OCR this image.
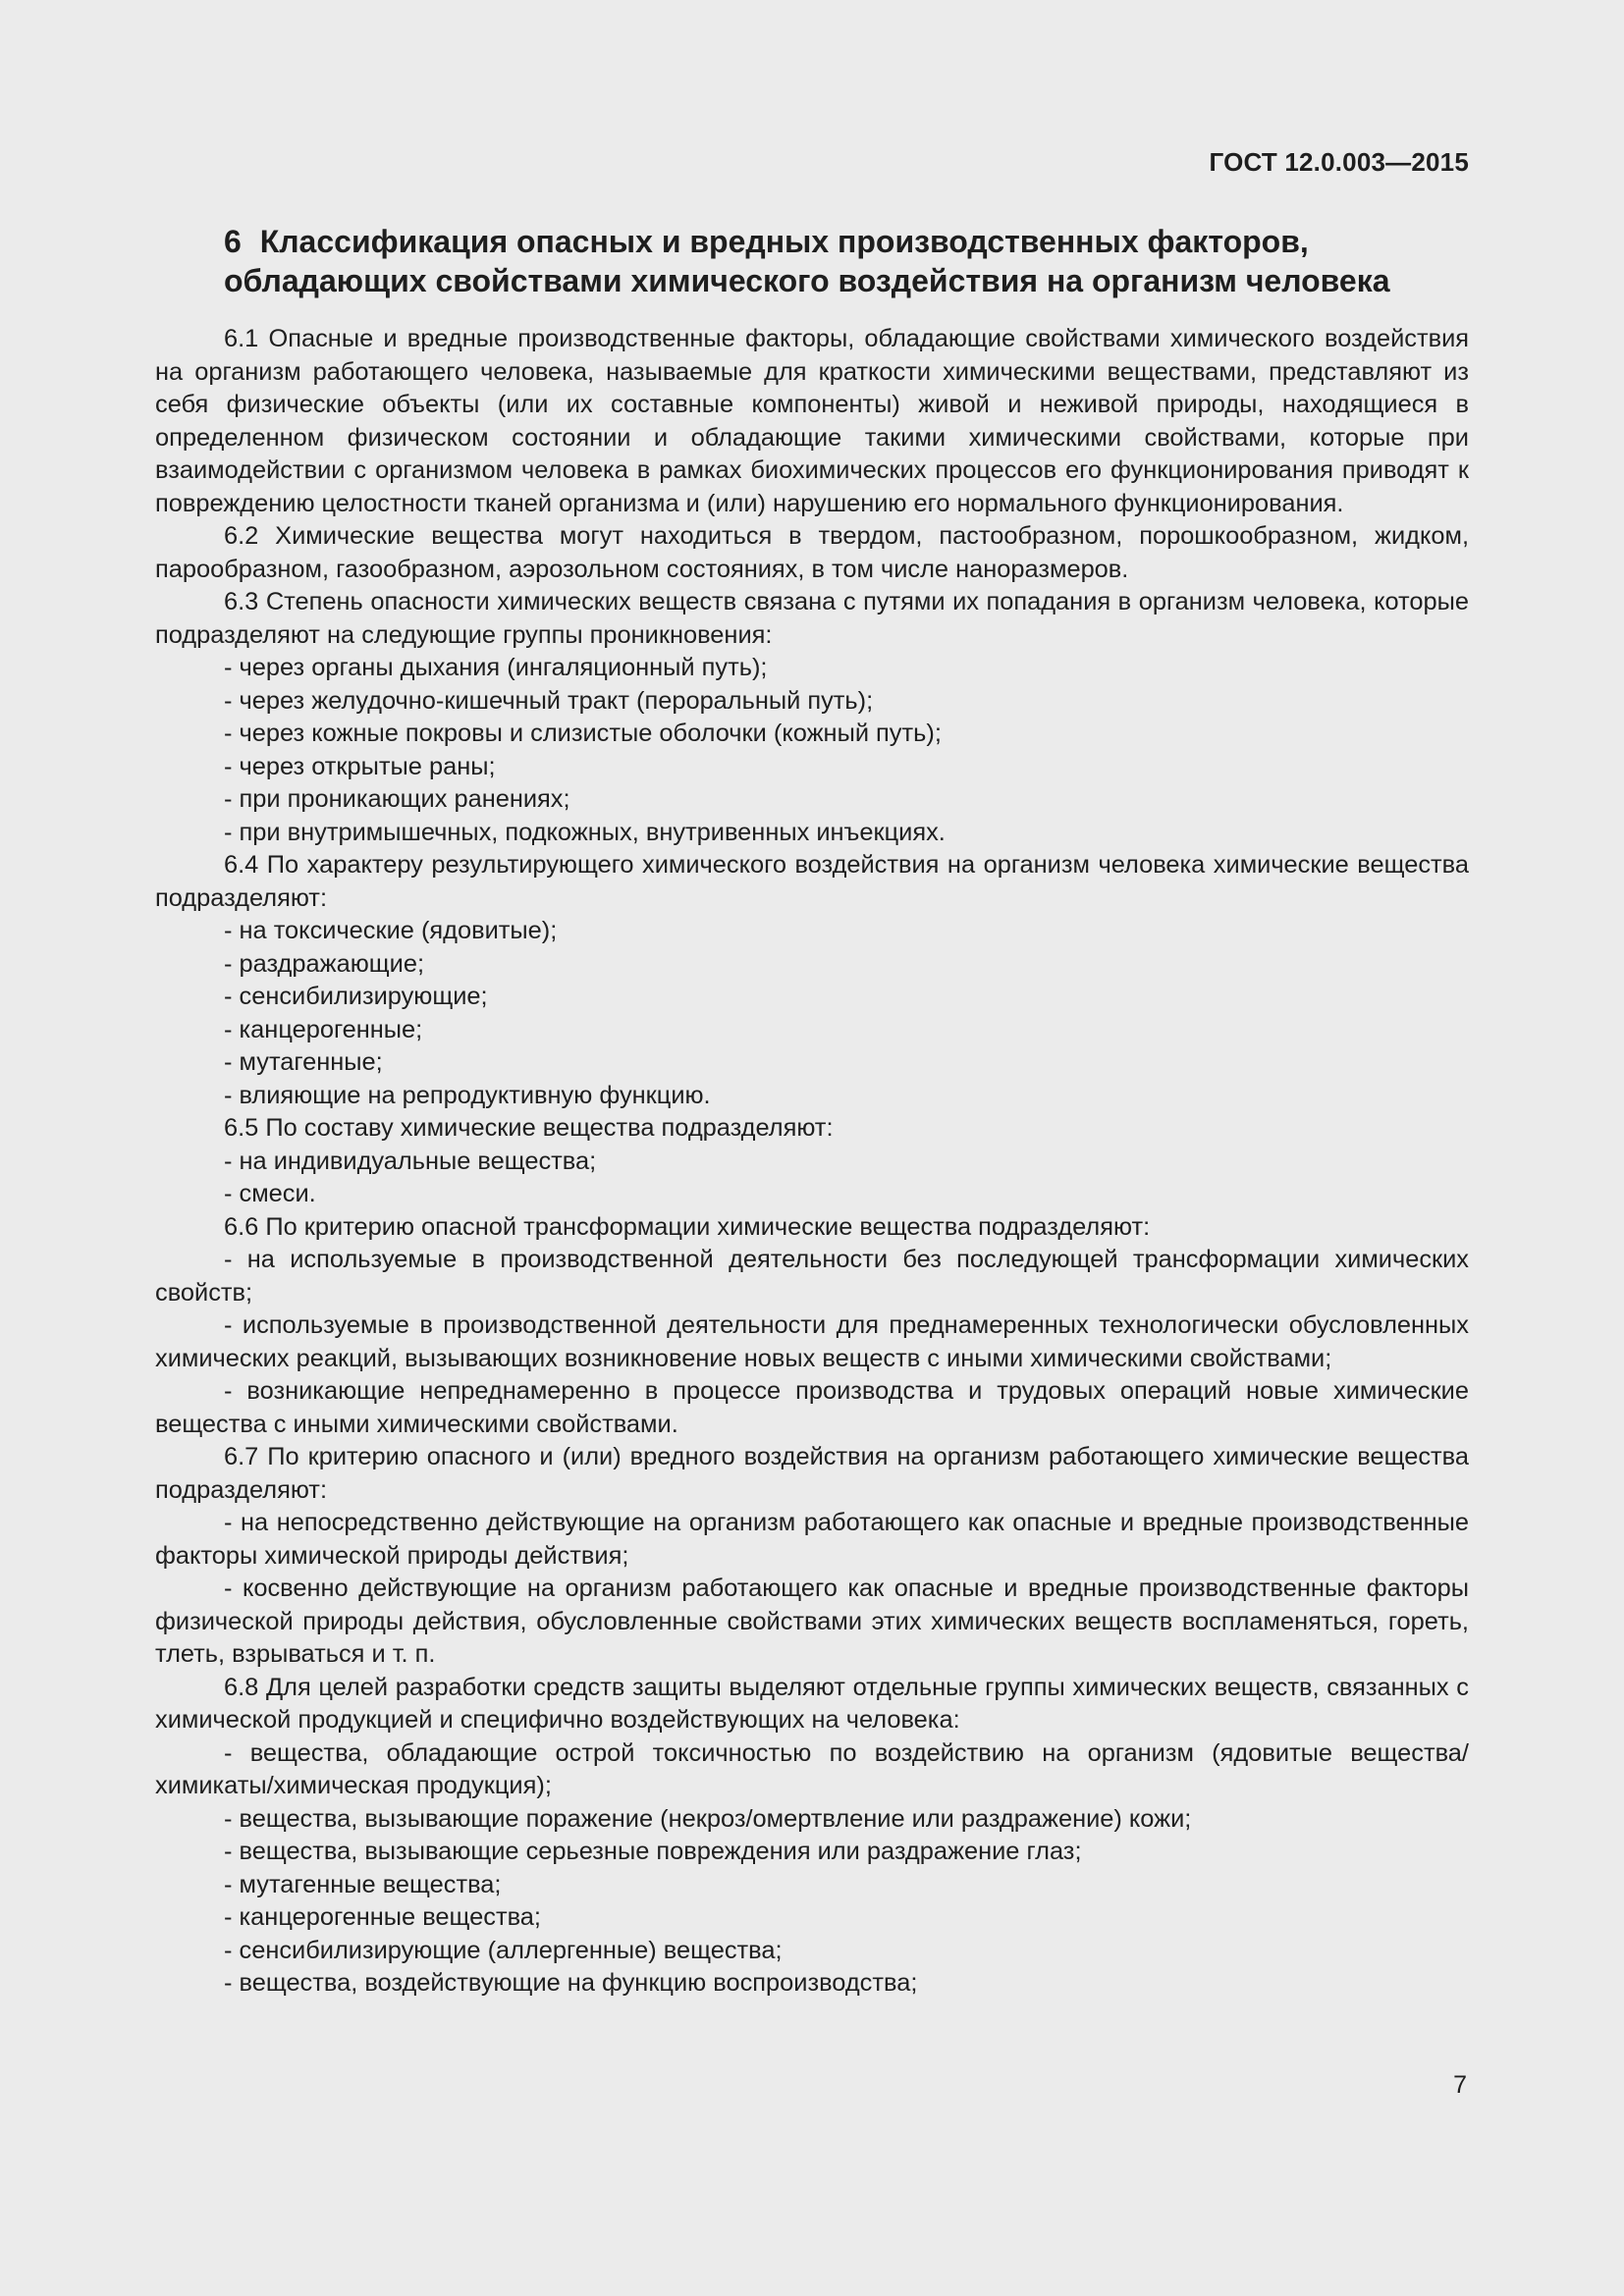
ГОСТ 12.0.003—2015
6 Классификация опасных и вредных производственных факторов,
обладающих свойствами химического воздействия на организм человека

6.1 Опасные и вредные производственные факторы, обладающие свойствами химического воздействия на организм работающего человека, называемые для краткости химическими веществами, представляют из себя физические объекты (или их составные компоненты) живой и неживой природы, находящиеся в определенном физическом состоянии и обладающие такими химическими свойствами, которые при взаимодействии с организмом человека в рамках биохимических процессов его функционирования приводят к повреждению целостности тканей организма и (или) нарушению его нормального функционирования.

6.2 Химические вещества могут находиться в твердом, пастообразном, порошкообразном, жидком, парообразном, газообразном, аэрозольном состояниях, в том числе наноразмеров.

6.3 Степень опасности химических веществ связана с путями их попадания в организм человека, которые подразделяют на следующие группы проникновения:

- через органы дыхания (ингаляционный путь);

- через желудочно-кишечный тракт (пероральный путь);

- через кожные покровы и слизистые оболочки (кожный путь);

- через открытые раны;

- при проникающих ранениях;

- при внутримышечных, подкожных, внутривенных инъекциях.

6.4 По характеру результирующего химического воздействия на организм человека химические вещества подразделяют:

- на токсические (ядовитые);

- раздражающие;

- сенсибилизирующие;

- канцерогенные;

- мутагенные;

- влияющие на репродуктивную функцию.

6.5 По составу химические вещества подразделяют:

- на индивидуальные вещества;

- смеси.

6.6 По критерию опасной трансформации химические вещества подразделяют:

- на используемые в производственной деятельности без последующей трансформации химических свойств;

- используемые в производственной деятельности для преднамеренных технологически обусловленных химических реакций, вызывающих возникновение новых веществ с иными химическими свойствами;

- возникающие непреднамеренно в процессе производства и трудовых операций новые химические вещества с иными химическими свойствами.

6.7 По критерию опасного и (или) вредного воздействия на организм работающего химические вещества подразделяют:

- на непосредственно действующие на организм работающего как опасные и вредные производственные факторы химической природы действия;

- косвенно действующие на организм работающего как опасные и вредные производственные факторы физической природы действия, обусловленные свойствами этих химических веществ воспламеняться, гореть, тлеть, взрываться и т. п.

6.8 Для целей разработки средств защиты выделяют отдельные группы химических веществ, связанных с химической продукцией и специфично воздействующих на человека:

- вещества, обладающие острой токсичностью по воздействию на организм (ядовитые вещества/химикаты/химическая продукция);

- вещества, вызывающие поражение (некроз/омертвление или раздражение) кожи;

- вещества, вызывающие серьезные повреждения или раздражение глаз;

- мутагенные вещества;

- канцерогенные вещества;

- сенсибилизирующие (аллергенные) вещества;

- вещества, воздействующие на функцию воспроизводства;

7
